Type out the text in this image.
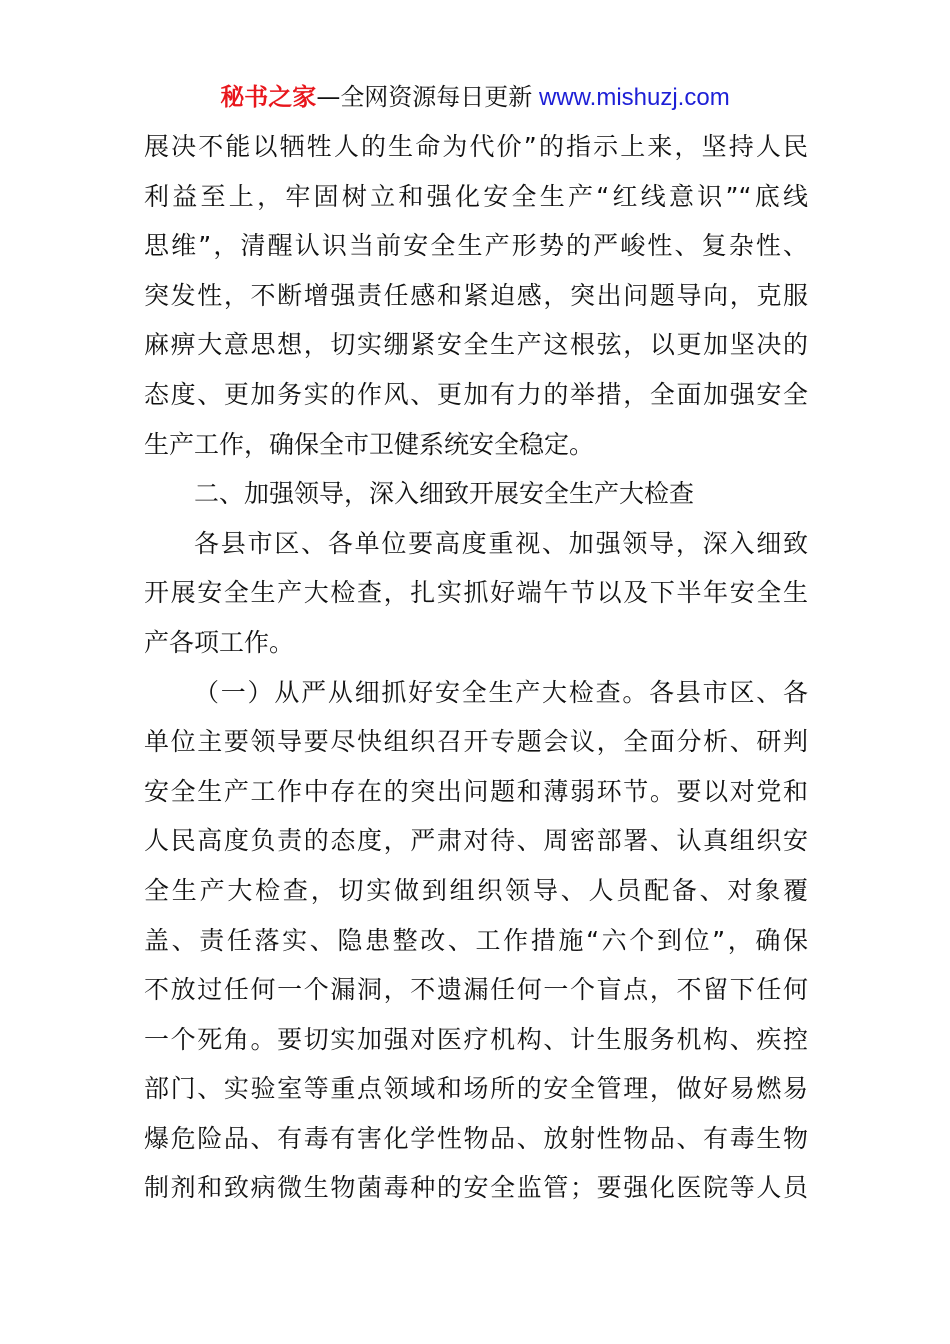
秘书之家—全网资源每日更新 www.mishuzj.com
展决不能以牺牲人的生命为代价”的指示上来，坚持人民
利益至上，牢固树立和强化安全生产“红线意识”“底线
思维”，清醒认识当前安全生产形势的严峻性、复杂性、
突发性，不断增强责任感和紧迫感，突出问题导向，克服
麻痹大意思想，切实绷紧安全生产这根弦，以更加坚决的
态度、更加务实的作风、更加有力的举措，全面加强安全
生产工作，确保全市卫健系统安全稳定。
二、加强领导，深入细致开展安全生产大检查
各县市区、各单位要高度重视、加强领导，深入细致
开展安全生产大检查，扎实抓好端午节以及下半年安全生
产各项工作。
（一）从严从细抓好安全生产大检查。各县市区、各
单位主要领导要尽快组织召开专题会议，全面分析、研判
安全生产工作中存在的突出问题和薄弱环节。要以对党和
人民高度负责的态度，严肃对待、周密部署、认真组织安
全生产大检查，切实做到组织领导、人员配备、对象覆
盖、责任落实、隐患整改、工作措施“六个到位”，确保
不放过任何一个漏洞，不遗漏任何一个盲点，不留下任何
一个死角。要切实加强对医疗机构、计生服务机构、疾控
部门、实验室等重点领域和场所的安全管理，做好易燃易
爆危险品、有毒有害化学性物品、放射性物品、有毒生物
制剂和致病微生物菌毒种的安全监管；要强化医院等人员
